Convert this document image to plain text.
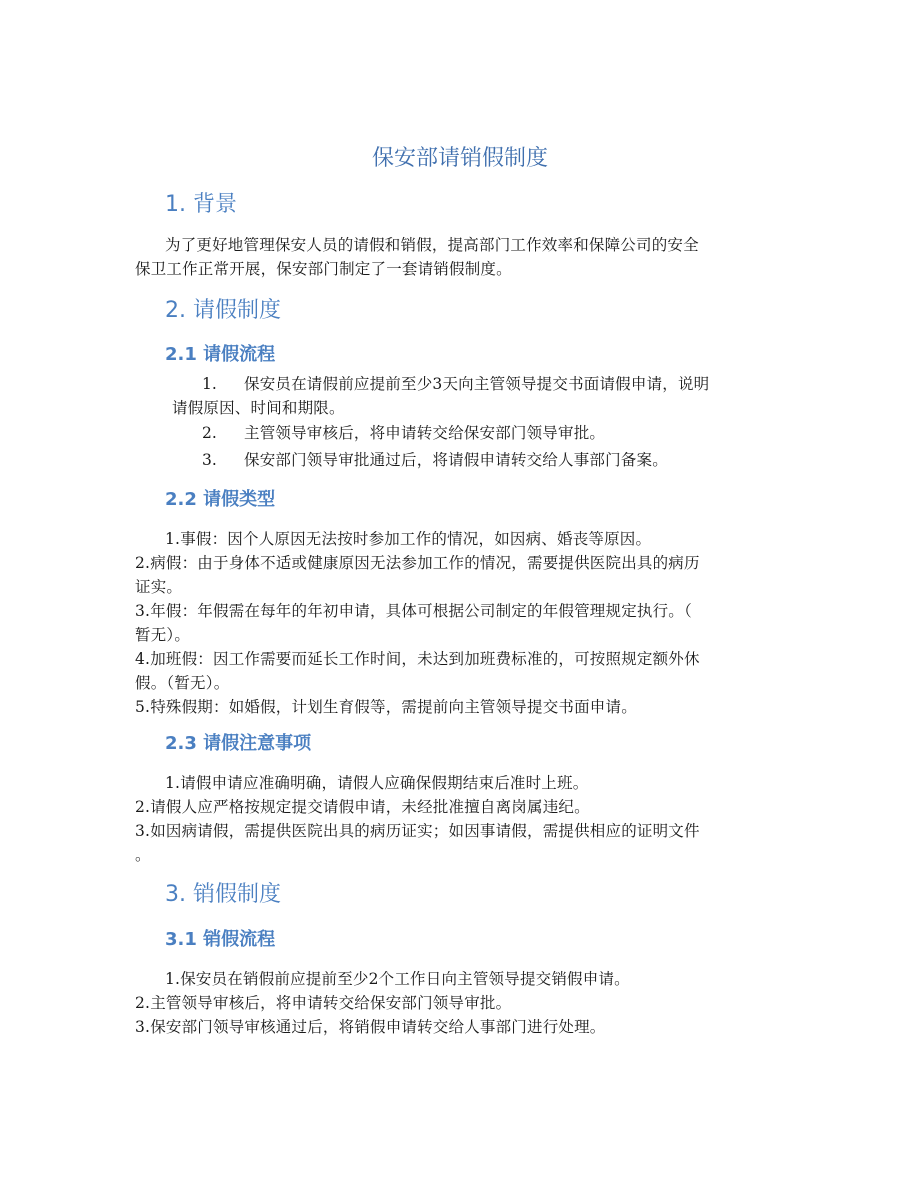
保安部请销假制度
1. 背景
为了更好地管理保安人员的请假和销假，提高部门工作效率和保障公司的安全
保卫工作正常开展，保安部门制定了一套请销假制度。
2. 请假制度
2.1 请假流程
1. 保安员在请假前应提前至少3天向主管领导提交书面请假申请，说明
请假原因、时间和期限。
2. 主管领导审核后，将申请转交给保安部门领导审批。
3. 保安部门领导审批通过后，将请假申请转交给人事部门备案。
2.2 请假类型
1.事假：因个人原因无法按时参加工作的情况，如因病、婚丧等原因。
2.病假：由于身体不适或健康原因无法参加工作的情况，需要提供医院出具的病历
证实。
3.年假：年假需在每年的年初申请，具体可根据公司制定的年假管理规定执行。（
暂无）。
4.加班假：因工作需要而延长工作时间，未达到加班费标准的，可按照规定额外休
假。（暂无）。
5.特殊假期：如婚假，计划生育假等，需提前向主管领导提交书面申请。
2.3 请假注意事项
1.请假申请应准确明确，请假人应确保假期结束后准时上班。
2.请假人应严格按规定提交请假申请，未经批准擅自离岗属违纪。
3.如因病请假，需提供医院出具的病历证实；如因事请假，需提供相应的证明文件
。
3. 销假制度
3.1 销假流程
1.保安员在销假前应提前至少2个工作日向主管领导提交销假申请。
2.主管领导审核后，将申请转交给保安部门领导审批。
3.保安部门领导审核通过后，将销假申请转交给人事部门进行处理。
